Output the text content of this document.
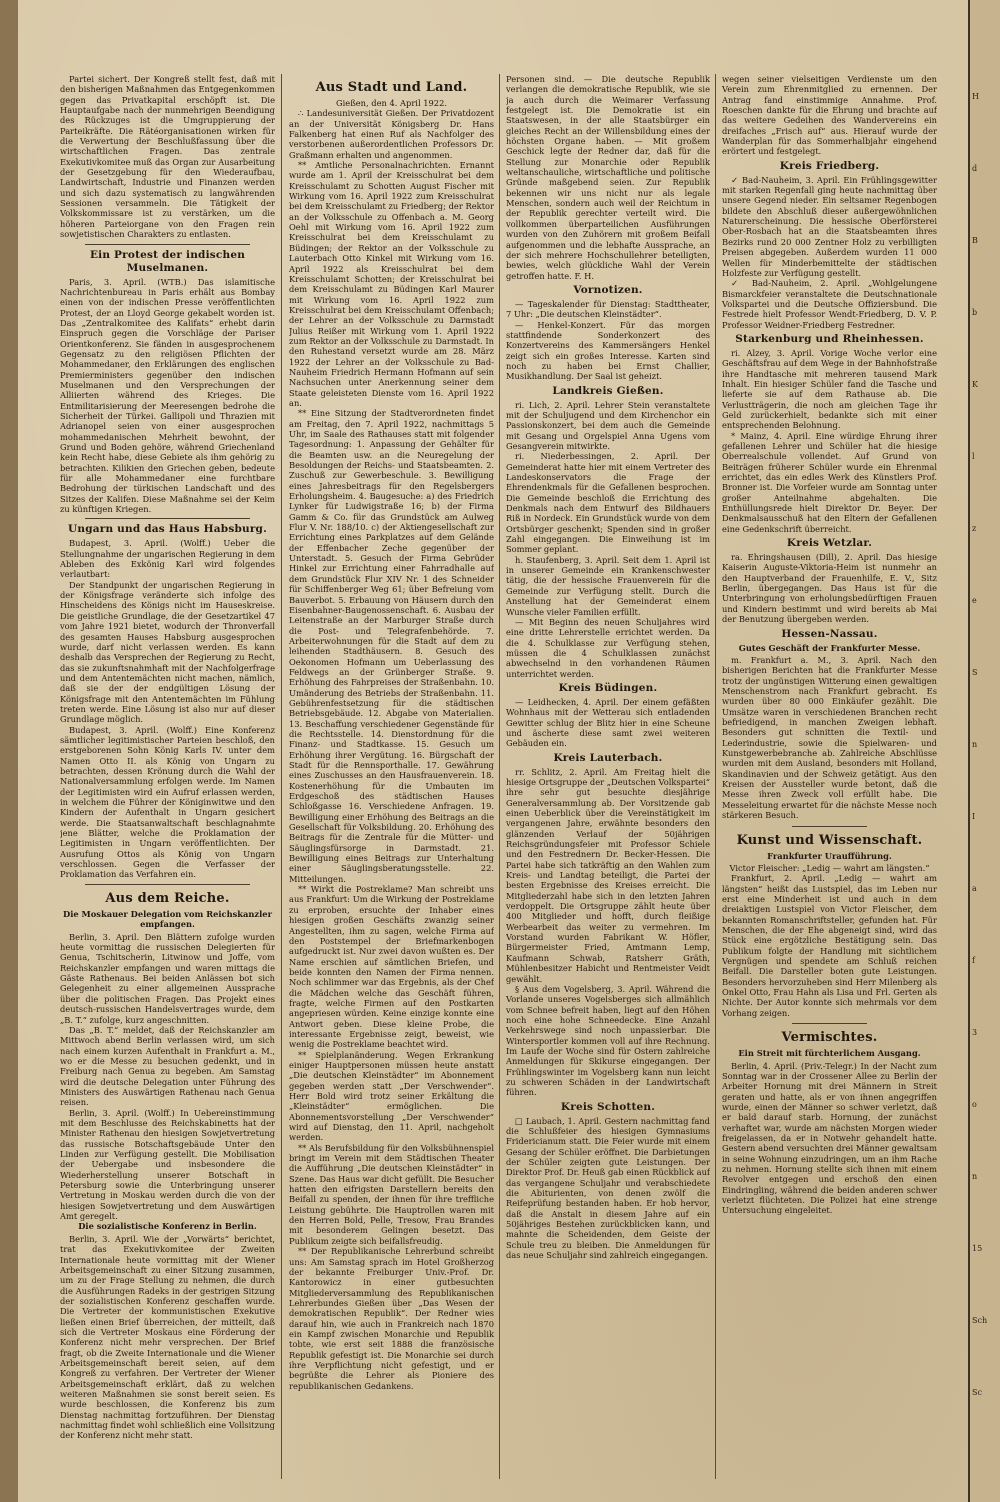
Partei sichert. Der Kongreß stellt fest, daß mit den bisherigen Maßnahmen das Entgegenkommen gegen das Privatkapital erschöpft ist. Die Hauptaufgabe nach der nunmehrigen Beendigung des Rückzuges ist die Umgruppierung der Parteikräfte. Die Rätéorganisationen wirken für die Verwertung der Beschlußfassung über die wirtschaftlichen Fragen. Das zentrale Exekutivkomitee muß das Organ zur Ausarbeitung der Gesetzgebung für den Wiederaufbau, Landwirtschaft, Industrie und Finanzen werden und sich dazu systematisch zu langwährenden Sessionen versammeln. Die Tätigkeit der Volkskommissare ist zu verstärken, um die höheren Parteiorgane von den Fragen rein sowjetistischen Charakters zu entlasten.

Ein Protest der indischen Muselmanen.

Paris, 3. April. (WTB.) Das islamitische Nachrichtenbureau in Paris erhält aus Bombay einen von der indischen Presse veröffentlichten Protest, der an Lloyd George gekabelt worden ist. Das „Zentralkomitee des Kalifats“ erhebt darin Einspruch gegen die Vorschläge der Pariser Orientkonferenz. Sie fänden in ausgesprochenem Gegensatz zu den religiösen Pflichten der Mohammedaner, den Erklärungen des englischen Premierministers gegenüber den indischen Muselmanen und den Versprechungen der Alliierten während des Krieges. Die Entmilitarisierung der Meeresengen bedrohe die Sicherheit der Türkei. Gallipoli und Thrazien mit Adrianopel seien von einer ausgesprochen mohammedanischen Mehrheit bewohnt, der Grund und Boden gehöre, während Griechenland kein Recht habe, diese Gebiete als ihm gehörig zu betrachten. Kilikien den Griechen geben, bedeute für alle Mohammedaner eine furchtbare Bedrohung der türkischen Landschaft und des Sitzes der Kalifen. Diese Maßnahme sei der Keim zu künftigen Kriegen.

Ungarn und das Haus Habsburg.

Budapest, 3. April. (Wolff.) Ueber die Stellungnahme der ungarischen Regierung in dem Ableben des Exkönig Karl wird folgendes verlautbart:

Der Standpunkt der ungarischen Regierung in der Königsfrage veränderte sich infolge des Hinscheidens des Königs nicht im Hauseskreise. Die geistliche Grundlage, die der Gesetzartikel 47 vom Jahre 1921 bietet, wodurch der Thronverfall des gesamten Hauses Habsburg ausgesprochen wurde, darf nicht verlassen werden. Es kann deshalb das Versprechen der Regierung zu Recht, das sie zukunftsnahmhaft mit der Nachfolgerfrage und dem Antentemächten nicht machen, nämlich, daß sie der der endgültigen Lösung der Königsfrage mit den Antentemächten im Fühlung treten werde. Eine Lösung ist also nur auf dieser Grundlage möglich.

Budapest, 3. April. (Wolff.) Eine Konferenz sämtlicher legitimistischer Parteien beschloß, den erstgeborenen Sohn König Karls IV. unter dem Namen Otto II. als König von Ungarn zu betrachten, dessen Krönung durch die Wahl der Nationalversammlung erfolgen werde. Im Namen der Legitimisten wird ein Aufruf erlassen werden, in welchem die Führer der Königinwitwe und den Kindern der Aufenthalt in Ungarn gesichert werde. Die Staatsanwaltschaft beschlagnahmte jene Blätter, welche die Proklamation der Legitimisten in Ungarn veröffentlichten. Der Ausrufung Ottos als König von Ungarn verschlossen. Gegen die Verfasser der Proklamation das Verfahren ein.

Aus dem Reiche.
Die Moskauer Delegation vom Reichskanzler empfangen.

Berlin, 3. April. Den Blättern zufolge wurden heute vormittag die russischen Delegierten für Genua, Tschitscherin, Litwinow und Joffe, vom Reichskanzler empfangen und waren mittags die Gäste Rathenaus. Bei beiden Anlässen bot sich Gelegenheit zu einer allgemeinen Aussprache über die politischen Fragen. Das Projekt eines deutsch-russischen Handelsvertrages wurde, dem „B. T.“ zufolge, kurz angeschnitten.

Das „B. T.“ meldet, daß der Reichskanzler am Mittwoch abend Berlin verlassen wird, um sich nach einem kurzen Aufenthalt in Frankfurt a. M., wo er die Messe zu besuchen gedenkt, und in Freiburg nach Genua zu begeben. Am Samstag wird die deutsche Delegation unter Führung des Ministers des Auswärtigen Rathenau nach Genua reisen.

Berlin, 3. April. (Wolff.) In Uebereinstimmung mit dem Beschlusse des Reichskabinetts hat der Minister Rathenau den hiesigen Sowjetvertretung das russische Botschaftsgebäude Unter den Linden zur Verfügung gestellt. Die Mobilisation der Uebergabe und insbesondere die Wiederherstellung unserer Botschaft in Petersburg sowie die Unterbringung unserer Vertretung in Moskau werden durch die von der hiesigen Sowjetvertretung und dem Auswärtigen Amt geregelt.

Die sozialistische Konferenz in Berlin.

Berlin, 3. April. Wie der „Vorwärts“ berichtet, trat das Exekutivkomitee der Zweiten Internationale heute vormittag mit der Wiener Arbeitsgemeinschaft zu einer Sitzung zusammen, um zu der Frage Stellung zu nehmen, die durch die Ausführungen Radeks in der gestrigen Sitzung der sozialistischen Konferenz geschaffen wurde. Die Vertreter der kommunistischen Exekutive ließen einen Brief überreichen, der mitteilt, daß sich die Vertreter Moskaus eine Förderung der Konferenz nicht mehr versprechen. Der Brief fragt, ob die Zweite Internationale und die Wiener Arbeitsgemeinschaft bereit seien, auf dem Kongreß zu verfahren. Der Vertreter der Wiener Arbeitsgemeinschaft erklärt, daß zu welchen weiteren Maßnahmen sie sonst bereit seien. Es wurde beschlossen, die Konferenz bis zum Dienstag nachmittag fortzuführen. Der Dienstag nachmittag findet wohl schließlich eine Vollsitzung der Konferenz nicht mehr statt.

Aus Stadt und Land.

Gießen, den 4. April 1922.

∴ Landesuniversität Gießen. Der Privatdozent an der Universität Königsberg Dr. Hans Falkenberg hat einen Ruf als Nachfolger des verstorbenen außerordentlichen Professors Dr. Graßmann erhalten und angenommen.

** Amtliche Personalnachrichten. Ernannt wurde am 1. April der Kreisschulrat bei dem Kreisschulamt zu Schotten August Fischer mit Wirkung vom 16. April 1922 zum Kreisschulrat bei dem Kreisschulamt zu Friedberg; der Rektor an der Volksschule zu Offenbach a. M. Georg Oehl mit Wirkung vom 16. April 1922 zum Kreisschulrat bei dem Kreisschulamt zu Büdingen; der Rektor an der Volksschule zu Lauterbach Otto Kinkel mit Wirkung vom 16. April 1922 als Kreisschulrat bei dem Kreisschulamt Schotten; der Kreisschulrat bei dem Kreisschulamt zu Büdingen Karl Maurer mit Wirkung vom 16. April 1922 zum Kreisschulrat bei dem Kreisschulamt Offenbach; der Lehrer an der Volksschule zu Darmstadt Julius Reißer mit Wirkung vom 1. April 1922 zum Rektor an der Volksschule zu Darmstadt. In den Ruhestand versetzt wurde am 28. März 1922 der Lehrer an der Volksschule zu Bad-Nauheim Friedrich Hermann Hofmann auf sein Nachsuchen unter Anerkennung seiner dem Staate geleisteten Dienste vom 16. April 1922 an.

** Eine Sitzung der Stadtverordneten findet am Freitag, den 7. April 1922, nachmittags 5 Uhr, im Saale des Rathauses statt mit folgender Tagesordnung: 1. Anpassung der Gehälter für die Beamten usw. an die Neuregelung der Besoldungen der Reichs- und Staatsbeamten. 2. Zuschuß zur Gewerbeschule. 3. Bewilligung eines Jahresbeitrags für den Regelsbergers Erholungsheim. 4. Baugesuche: a) des Friedrich Lynker für Ludwigstraße 16; b) der Firma Gamm & Co. für das Grundstück am Aulweg Flur V. Nr. 188/10. c) der Aktiengesellschaft zur Errichtung eines Parkplatzes auf dem Gelände der Effenbacher Zeche gegenüber der Unterstadt. 5. Gesuch der Firma Gebrüder Hinkel zur Errichtung einer Fahrradhalle auf dem Grundstück Flur XIV Nr. 1 des Schneider für Schiffenberger Weg 61; über Befreiung vom Bauverbot. 5. Erbauung von Häusern durch den Eisenbahner-Baugenossenschaft. 6. Ausbau der Leitenstraße an der Marburger Straße durch die Post- und Telegrafenbehörde. 7. Arbeiterwohnungen für die Stadt auf dem zu leihenden Stadthäusern. 8. Gesuch des Oekonomen Hofmann um Ueberlassung des Feldwegs an der Grünberger Straße. 9. Erhöhung des Fahrpreises der Straßenbahn. 10. Umänderung des Betriebs der Straßenbahn. 11. Gebührenfestsetzung für die städtischen Betriebsgebäude. 12. Abgabe von Materialien. 13. Beschaffung verschiedener Gegenstände für die Rechtsstelle. 14. Dienstordnung für die Finanz- und Stadtkasse. 15. Gesuch um Erhöhung ihrer Vergütung. 16. Bürgschaft der Stadt für die Rennsporthalle. 17. Gewährung eines Zuschusses an den Hausfrauenverein. 18. Kostenerhöhung für die Umbauten im Erdgeschoß des städtischen Hauses Schloßgasse 16. Verschiedene Anfragen. 19. Bewilligung einer Erhöhung des Beitrags an die Gesellschaft für Volksbildung. 20. Erhöhung des Beitrags für die Zentrale für die Mütter- und Säuglingsfürsorge in Darmstadt. 21. Bewilligung eines Beitrags zur Unterhaltung einer Säuglingsberatungsstelle. 22. Mitteilungen.

** Wirkt die Postreklame? Man schreibt uns aus Frankfurt: Um die Wirkung der Postreklame zu erproben, ersuchte der Inhaber eines hiesigen großen Geschäfts zwanzig seiner Angestellten, ihm zu sagen, welche Firma auf den Poststempel der Briefmarkenbogen aufgedruckt ist. Nur zwei davon wußten es. Der Name erschien auf sämtlichen Briefen, und beide konnten den Namen der Firma nennen. Noch schlimmer war das Ergebnis, als der Chef die Mädchen welche das Geschäft führen, fragte, welche Firmen auf den Postkarten angepriesen würden. Keine einzige konnte eine Antwort geben. Diese kleine Probe, die interessante Ergebnisse zeigt, beweist, wie wenig die Postreklame beachtet wird.

** Spielplanänderung. Wegen Erkrankung einiger Hauptpersonen müssen heute anstatt „Die deutschen Kleinstädter“ im Abonnement gegeben werden statt „Der Verschwender“. Herr Bold wird trotz seiner Erkältung die „Kleinstädter“ ermöglichen. Die Abonnementsvorstellung „Der Verschwender“ wird auf Dienstag, den 11. April, nachgeholt werden.

** Als Berufsbildung für den Volksbühnenspiel bringt im Verein mit dem Städtischen Theater die Aufführung „Die deutschen Kleinstädter“ in Szene. Das Haus war dicht gefüllt. Die Besucher hatten den eifrigsten Darstellern bereits den Beifall zu spenden, der ihnen für ihre treffliche Leistung gebührte. Die Hauptrollen waren mit den Herren Bold, Pelle, Tresow, Frau Brandes mit besonderem Gelingen besetzt. Das Publikum zeigte sich beifallsfreudig.

** Der Republikanische Lehrerbund schreibt uns: Am Samstag sprach im Hotel Großherzog der bekannte Freiburger Univ.-Prof. Dr. Kantorowicz in einer gutbesuchten Mitgliederversammlung des Republikanischen Lehrerbundes Gießen über „Das Wesen der demokratischen Republik“. Der Redner wies darauf hin, wie auch in Frankreich nach 1870 ein Kampf zwischen Monarchie und Republik tobte, wie erst seit 1888 die französische Republik gefestigt ist. Die Monarchie sei durch ihre Verpflichtung nicht gefestigt, und er begrüßte die Lehrer als Pioniere des republikanischen Gedankens.

Personen sind. — Die deutsche Republik verlangen die demokratische Republik, wie sie ja auch durch die Weimarer Verfassung festgelegt ist. Die Demokratie ist ein Staatswesen, in der alle Staatsbürger ein gleiches Recht an der Willensbildung eines der höchsten Organe haben. — Mit großem Geschick legte der Redner dar, daß für die Stellung zur Monarchie oder Republik weltanschauliche, wirtschaftliche und politische Gründe maßgebend seien. Zur Republik bekennen wir uns nicht nur als legale Menschen, sondern auch weil der Reichtum in der Republik gerechter verteilt wird. Die vollkommen überparteilichen Ausführungen wurden von den Zuhörern mit großem Beifall aufgenommen und die lebhafte Aussprache, an der sich mehrere Hochschullehrer beteiligten, bewies, welch glückliche Wahl der Verein getroffen hatte. F. H.

Vornotizen.

— Tageskalender für Dienstag: Stadttheater, 7 Uhr: „Die deutschen Kleinstädter“.

— Henkel-Konzert. Für das morgen stattfindende Sonderkonzert des Konzertvereins des Kammersängers Henkel zeigt sich ein großes Interesse. Karten sind noch zu haben bei Ernst Challier, Musikhandlung. Der Saal ist geheizt.

Landkreis Gießen.

ri. Lich, 2. April. Lehrer Stein veranstaltete mit der Schuljugend und dem Kirchenchor ein Passionskonzert, bei dem auch die Gemeinde mit Gesang und Orgelspiel Anna Ugens vom Gesangverein mitwirkte.

ri. Niederbessingen, 2. April. Der Gemeinderat hatte hier mit einem Vertreter des Landeskonservators die Frage der Ehrendenkmals für die Gefallenen besprochen. Die Gemeinde beschloß die Errichtung des Denkmals nach dem Entwurf des Bildhauers Riß in Nordeck. Ein Grundstück wurde von dem Ortsbürger geschenkt; Spenden sind in großer Zahl eingegangen. Die Einweihung ist im Sommer geplant.

h. Staufenberg, 3. April. Seit dem 1. April ist in unserer Gemeinde ein Krankenschwester tätig, die der hessische Frauenverein für die Gemeinde zur Verfügung stellt. Durch die Anstellung hat der Gemeinderat einem Wunsche vieler Familien erfüllt.

— Mit Beginn des neuen Schuljahres wird eine dritte Lehrerstelle errichtet werden. Da die 4. Schulklasse zur Verfügung stehen, müssen die 4 Schulklassen zunächst abwechselnd in den vorhandenen Räumen unterrichtet werden.

Kreis Büdingen.

— Leidhecken, 4. April. Der einem gefäßten Wohnhaus mit der Wetterau sich entladenden Gewitter schlug der Blitz hier in eine Scheune und äscherte diese samt zwei weiteren Gebäuden ein.

Kreis Lauterbach.

rr. Schlitz, 2. April. Am Freitag hielt die hiesige Ortsgruppe der „Deutschen Volkspartei“ ihre sehr gut besuchte diesjährige Generalversammlung ab. Der Vorsitzende gab einen Ueberblick über die Vereinstätigkeit im vergangenen Jahre, erwähnte besonders den glänzenden Verlauf der 50jährigen Reichsgründungsfeier mit Professor Schiele und den Festrednern Dr. Becker-Hessen. Die Partei habe sich tatkräftig an den Wahlen zum Kreis- und Landtag beteiligt, die Partei der besten Ergebnisse des Kreises erreicht. Die Mitgliederzahl habe sich in den letzten Jahren verdoppelt. Die Ortsgruppe zählt heute über 400 Mitglieder und hofft, durch fleißige Werbearbeit das weiter zu vermehren. Im Vorstand wurden Fabrikant W. Höfler, Bürgermeister Fried, Amtmann Lemp, Kaufmann Schwab, Ratsherr Gräth, Mühlenbesitzer Habicht und Rentmeister Veidt gewählt.

§ Aus dem Vogelsberg, 3. April. Während die Vorlande unseres Vogelsberges sich allmählich vom Schnee befreit haben, liegt auf den Höhen noch eine hohe Schneedecke. Eine Anzahl Verkehrswege sind noch unpassierbar. Die Wintersportler kommen voll auf ihre Rechnung. Im Laufe der Woche sind für Ostern zahlreiche Anmeldungen für Skikurse eingegangen. Der Frühlingswinter im Vogelsberg kann nun leicht zu schweren Schäden in der Landwirtschaft führen.

Kreis Schotten.

□ Laubach, 1. April. Gestern nachmittag fand die Schlußfeier des hiesigen Gymnasiums Fridericianum statt. Die Feier wurde mit einem Gesang der Schüler eröffnet. Die Darbietungen der Schüler zeigten gute Leistungen. Der Direktor Prof. Dr. Heuß gab einen Rückblick auf das vergangene Schuljahr und verabschiedete die Abiturienten, von denen zwölf die Reifeprüfung bestanden haben. Er hob hervor, daß die Anstalt in diesem Jahre auf ein 50jähriges Bestehen zurückblicken kann, und mahnte die Scheidenden, dem Geiste der Schule treu zu bleiben. Die Anmeldungen für das neue Schuljahr sind zahlreich eingegangen.

wegen seiner vielseitigen Verdienste um den Verein zum Ehrenmitglied zu ernennen. Der Antrag fand einstimmige Annahme. Prof. Roeschen dankte für die Ehrung und brachte auf das weitere Gedeihen des Wandervereins ein dreifaches „Frisch auf“ aus. Hierauf wurde der Wanderplan für das Sommerhalbjahr eingehend erörtert und festgelegt.

Kreis Friedberg.

✓ Bad-Nauheim, 3. April. Ein Frühlingsgewitter mit starken Regenfall ging heute nachmittag über unsere Gegend nieder. Ein seltsamer Regenbogen bildete den Abschluß dieser außergewöhnlichen Naturerscheinung. Die hessische Oberförsterei Ober-Rosbach hat an die Staatsbeamten ihres Bezirks rund 20 000 Zentner Holz zu verbilligten Preisen abgegeben. Außerdem wurden 11 000 Wellen für Minderbemittelte der städtischen Holzfeste zur Verfügung gestellt.

✓ Bad-Nauheim, 2. April. „Wohlgelungene Bismarckfeier veranstaltete die Deutschnationale Volkspartei und die Deutsche Offiziersbund. Die Festrede hielt Professor Wendt-Friedberg, D. V. P. Professor Weidner-Friedberg Festredner.

Starkenburg und Rheinhessen.

ri. Alzey, 3. April. Vorige Woche verlor eine Geschäftsfrau auf dem Wege in der Bahnhofstraße ihre Handtasche mit mehreren tausend Mark Inhalt. Ein hiesiger Schüler fand die Tasche und lieferte sie auf dem Rathause ab. Die Verlustträgerin, die noch am gleichen Tage ihr Geld zurückerhielt, bedankte sich mit einer entsprechenden Belohnung.

* Mainz, 4. April. Eine würdige Ehrung ihrer gefallenen Lehrer und Schüler hat die hiesige Oberrealschule vollendet. Auf Grund von Beiträgen früherer Schüler wurde ein Ehrenmal errichtet, das ein edles Werk des Künstlers Prof. Bronner ist. Die Vorfeier wurde am Sonntag unter großer Anteilnahme abgehalten. Die Enthüllungsrede hielt Direktor Dr. Beyer. Der Denkmalsausschuß hat den Eltern der Gefallenen eine Gedenkschrift überreicht.

Kreis Wetzlar.

ra. Ehringshausen (Dill), 2. April. Das hiesige Kaiserin Auguste-Viktoria-Heim ist nunmehr an den Hauptverband der Frauenhilfe, E. V., Sitz Berlin, übergegangen. Das Haus ist für die Unterbringung von erholungsbedürftigen Frauen und Kindern bestimmt und wird bereits ab Mai der Benutzung übergeben werden.

Hessen-Nassau.
Gutes Geschäft der Frankfurter Messe.

m. Frankfurt a. M., 3. April. Nach den bisherigen Berichten hat die Frankfurter Messe trotz der ungünstigen Witterung einen gewaltigen Menschenstrom nach Frankfurt gebracht. Es wurden über 80 000 Einkäufer gezählt. Die Umsätze waren in verschiedenen Branchen recht befriedigend, in manchen Zweigen lebhaft. Besonders gut schnitten die Textil- und Lederindustrie, sowie die Spielwaren- und Kunstgewerbebranche ab. Zahlreiche Abschlüsse wurden mit dem Ausland, besonders mit Holland, Skandinavien und der Schweiz getätigt. Aus den Kreisen der Aussteller wurde betont, daß die Messe ihren Zweck voll erfüllt habe. Die Messeleitung erwartet für die nächste Messe noch stärkeren Besuch.

Kunst und Wissenschaft.
Frankfurter Uraufführung.

Victor Fleischer: „Ledig — wahrt am längsten.“

Frankfurt, 2. April. „Ledig — wahrt am längsten“ heißt das Lustspiel, das im Leben nur erst eine Minderheit ist und auch in dem dreiaktigen Lustspiel von Victor Fleischer, dem bekannten Romanschriftsteller, gefunden hat. Für Menschen, die der Ehe abgeneigt sind, wird das Stück eine ergötzliche Bestätigung sein. Das Publikum folgte der Handlung mit sichtlichem Vergnügen und spendete am Schluß reichen Beifall. Die Darsteller boten gute Leistungen. Besonders hervorzuheben sind Herr Milenberg als Onkel Otto, Frau Hahn als Lisa und Frl. Gerten als Nichte. Der Autor konnte sich mehrmals vor dem Vorhang zeigen.

Vermischtes.
Ein Streit mit fürchterlichem Ausgang.

Berlin, 4. April. (Priv.-Telegr.) In der Nacht zum Sonntag war in der Crossener Allee zu Berlin der Arbeiter Hornung mit drei Männern in Streit geraten und hatte, als er von ihnen angegriffen wurde, einen der Männer so schwer verletzt, daß er bald darauf starb. Hornung, der zunächst verhaftet war, wurde am nächsten Morgen wieder freigelassen, da er in Notwehr gehandelt hatte. Gestern abend versuchten drei Männer gewaltsam in seine Wohnung einzudringen, um an ihm Rache zu nehmen. Hornung stellte sich ihnen mit einem Revolver entgegen und erschoß den einen Eindringling, während die beiden anderen schwer verletzt flüchteten. Die Polizei hat eine strenge Untersuchung eingeleitet.

H
d
B
b
K
l
z
e
S
n
I
a
f
3
o
n
15
Sch
Sc
